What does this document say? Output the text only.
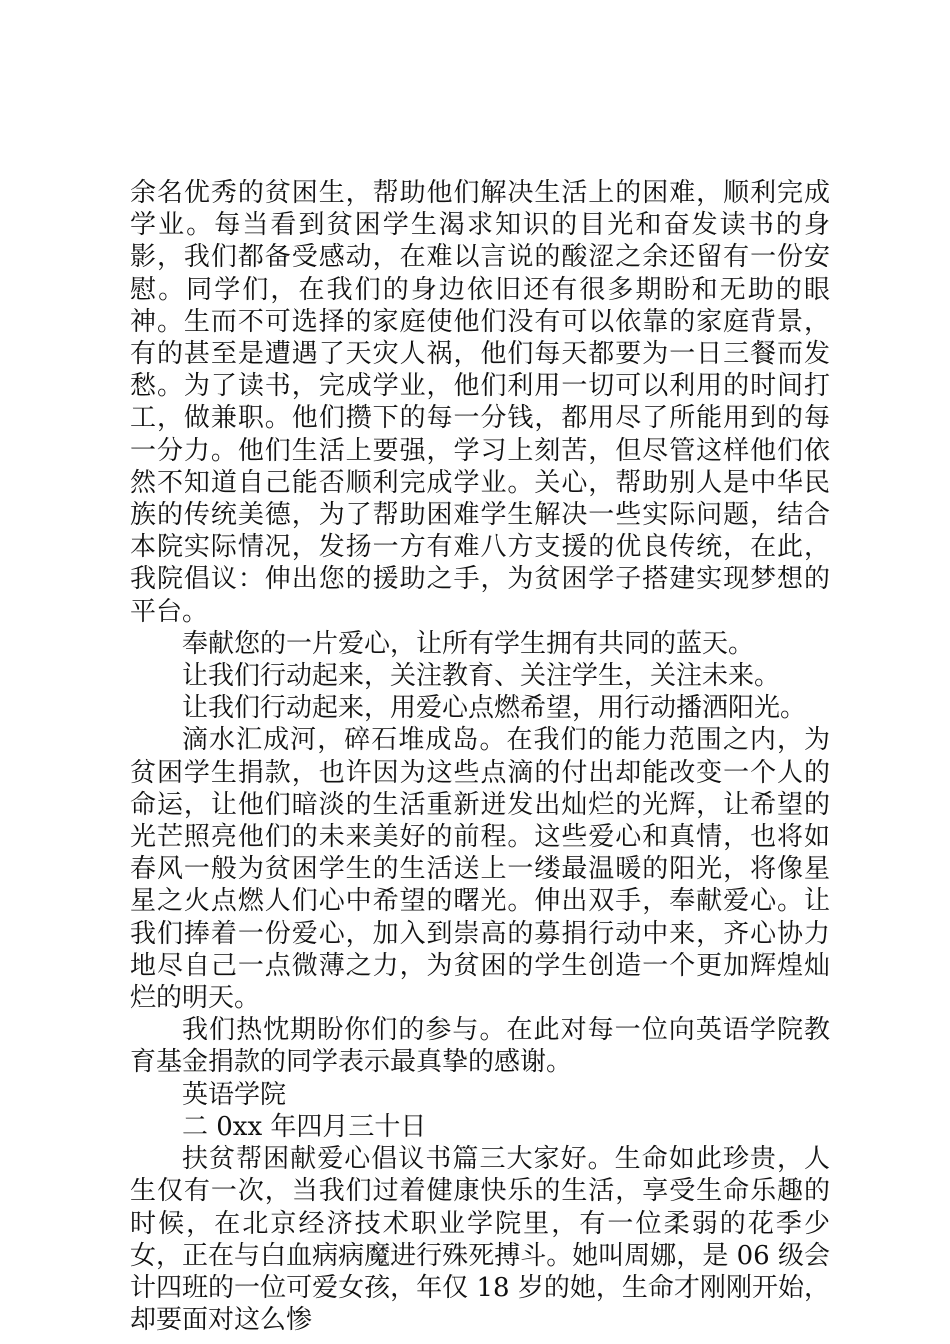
余名优秀的贫困生，帮助他们解决生活上的困难，顺利完成学业。每当看到贫困学生渴求知识的目光和奋发读书的身影，我们都备受感动，在难以言说的酸涩之余还留有一份安慰。同学们，在我们的身边依旧还有很多期盼和无助的眼神。生而不可选择的家庭使他们没有可以依靠的家庭背景，有的甚至是遭遇了天灾人祸，他们每天都要为一日三餐而发愁。为了读书，完成学业，他们利用一切可以利用的时间打工，做兼职。他们攒下的每一分钱，都用尽了所能用到的每一分力。他们生活上要强，学习上刻苦，但尽管这样他们依然不知道自己能否顺利完成学业。关心，帮助别人是中华民族的传统美德，为了帮助困难学生解决一些实际问题，结合本院实际情况，发扬一方有难八方支援的优良传统，在此，我院倡议：伸出您的援助之手，为贫困学子搭建实现梦想的平台。

奉献您的一片爱心，让所有学生拥有共同的蓝天。

让我们行动起来，关注教育、关注学生，关注未来。

让我们行动起来，用爱心点燃希望，用行动播洒阳光。

滴水汇成河，碎石堆成岛。在我们的能力范围之内，为贫困学生捐款，也许因为这些点滴的付出却能改变一个人的命运，让他们暗淡的生活重新迸发出灿烂的光辉，让希望的光芒照亮他们的未来美好的前程。这些爱心和真情，也将如春风一般为贫困学生的生活送上一缕最温暖的阳光，将像星星之火点燃人们心中希望的曙光。伸出双手，奉献爱心。让我们捧着一份爱心，加入到崇高的募捐行动中来，齐心协力地尽自己一点微薄之力，为贫困的学生创造一个更加辉煌灿烂的明天。

我们热忱期盼你们的参与。在此对每一位向英语学院教育基金捐款的同学表示最真挚的感谢。

英语学院

二 0xx 年四月三十日

扶贫帮困献爱心倡议书篇三大家好。生命如此珍贵，人生仅有一次，当我们过着健康快乐的生活，享受生命乐趣的时候，在北京经济技术职业学院里，有一位柔弱的花季少女，正在与白血病病魔进行殊死搏斗。她叫周娜，是 06 级会计四班的一位可爱女孩，年仅 18 岁的她，生命才刚刚开始，却要面对这么惨
